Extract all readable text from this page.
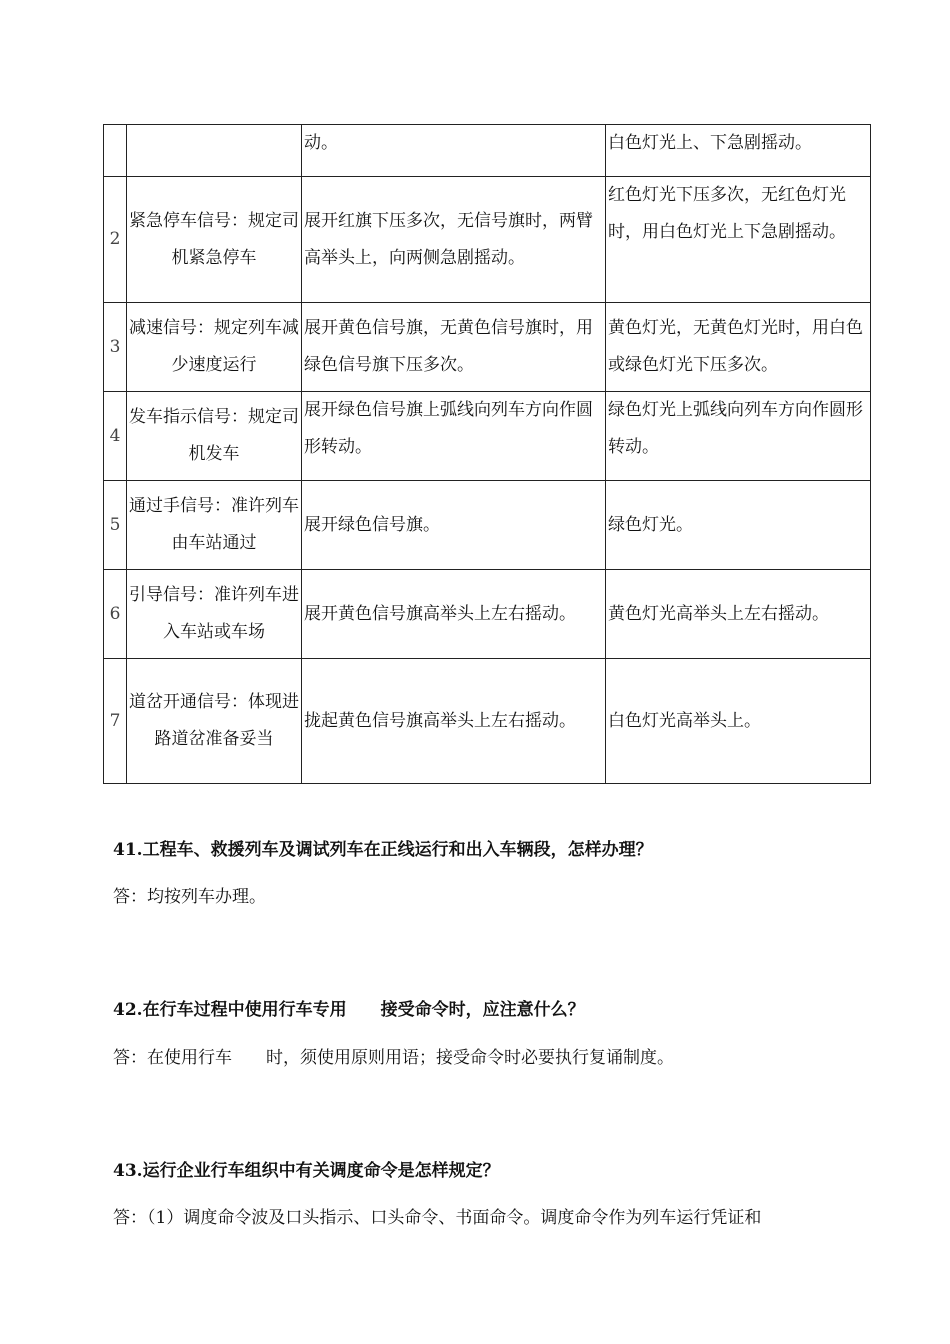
		动。	白色灯光上、下急剧摇动。
2	紧急停车信号：规定司机紧急停车	展开红旗下压多次，无信号旗时，两臂高举头上，向两侧急剧摇动。	红色灯光下压多次，无红色灯光时，用白色灯光上下急剧摇动。
3	减速信号：规定列车减少速度运行	展开黄色信号旗，无黄色信号旗时，用绿色信号旗下压多次。	黄色灯光，无黄色灯光时，用白色或绿色灯光下压多次。
4	发车指示信号：规定司机发车	展开绿色信号旗上弧线向列车方向作圆形转动。	绿色灯光上弧线向列车方向作圆形转动。
5	通过手信号：准许列车由车站通过	展开绿色信号旗。	绿色灯光。
6	引导信号：准许列车进入车站或车场	展开黄色信号旗高举头上左右摇动。	黄色灯光高举头上左右摇动。
7	道岔开通信号：体现进路道岔准备妥当	拢起黄色信号旗高举头上左右摇动。	白色灯光高举头上。
41.工程车、救援列车及调试列车在正线运行和出入车辆段，怎样办理？
答：均按列车办理。
42.在行车过程中使用行车专用　　接受命令时，应注意什么？
答：在使用行车　　时，须使用原则用语；接受命令时必要执行复诵制度。
43.运行企业行车组织中有关调度命令是怎样规定？
答：（1）调度命令波及口头指示、口头命令、书面命令。调度命令作为列车运行凭证和
